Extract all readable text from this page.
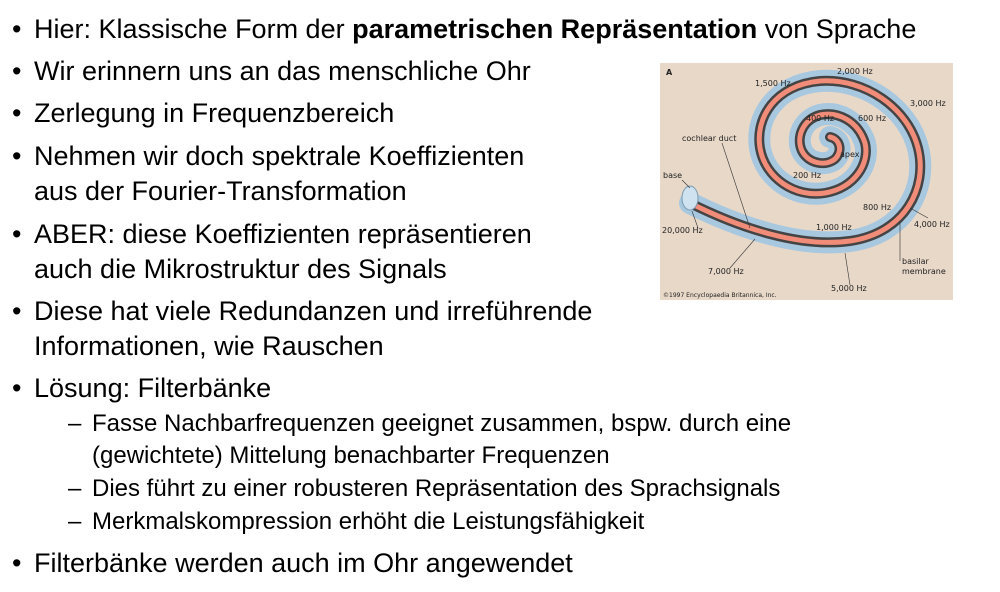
• Hier: Klassische Form der parametrischen Repräsentation von Sprache
• Wir erinnern uns an das menschliche Ohr
• Zerlegung in Frequenzbereich
• Nehmen wir doch spektrale Koeffizienten
aus der Fourier-Transformation
• ABER: diese Koeffizienten repräsentieren
auch die Mikrostruktur des Signals
• Diese hat viele Redundanzen und irreführende
Informationen, wie Rauschen
• Lösung: Filterbänke
– Fasse Nachbarfrequenzen geeignet zusammen, bspw. durch eine
(gewichtete) Mittelung benachbarter Frequenzen
– Dies führt zu einer robusteren Repräsentation des Sprachsignals
– Merkmalskompression erhöht die Leistungsfähigkeit
• Filterbänke werden auch im Ohr angewendet
A	2,000 Hz
1,500 Hz
3,000 Hz
400 Hz	600 Hz
cochlear duct
apex
base	200 Hz
800 Hz
20,000 Hz	1,000 Hz	4,000 Hz
basilar
membrane
7,000 Hz
5,000 Hz
©1997 Encyclopaedia Britannica, Inc.
